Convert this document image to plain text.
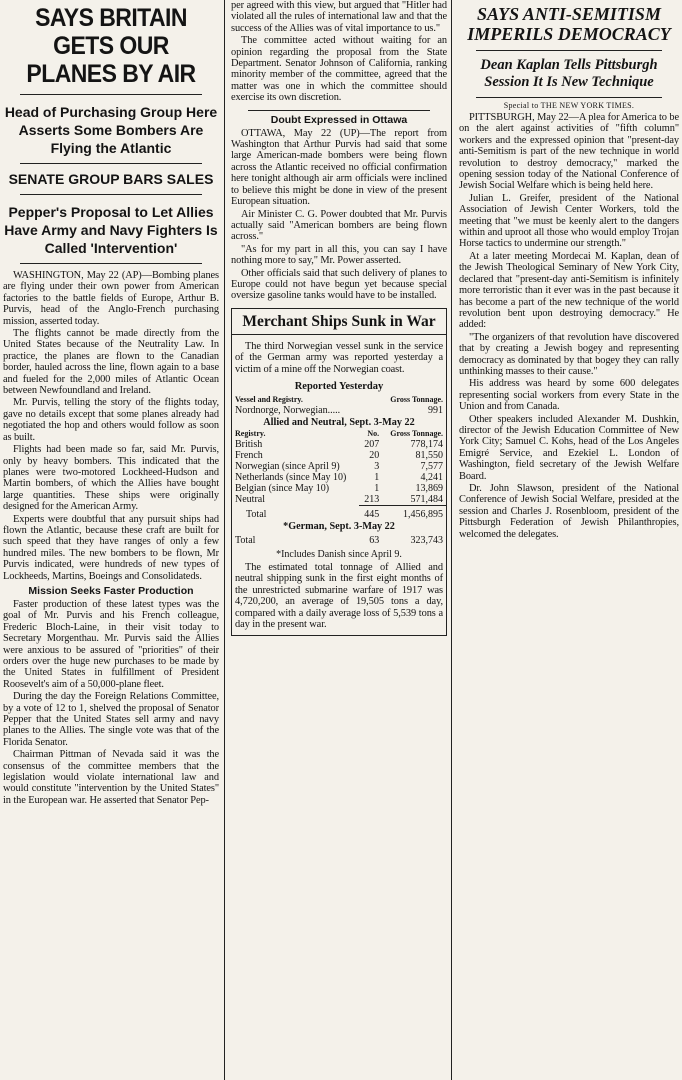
SAYS BRITAIN GETS OUR PLANES BY AIR
Head of Purchasing Group Here Asserts Some Bombers Are Flying the Atlantic
SENATE GROUP BARS SALES
Pepper's Proposal to Let Allies Have Army and Navy Fighters Is Called 'Intervention'

WASHINGTON, May 22 (AP)—Bombing planes are flying under their own power from American factories to the battle fields of Europe, Arthur B. Purvis, head of the Anglo-French purchasing mission, asserted today.

The flights cannot be made directly from the United States because of the Neutrality Law. In practice, the planes are flown to the Canadian border, hauled across the line, flown again to a base and fueled for the 2,000 miles of Atlantic Ocean between Newfoundland and Ireland.

Mr. Purvis, telling the story of the flights today, gave no details except that some planes already had negotiated the hop and others would follow as soon as built.

Flights had been made so far, said Mr. Purvis, only by heavy bombers. This indicated that the planes were two-motored Lockheed-Hudson and Martin bombers, of which the Allies have bought large quantities. These ships were originally designed for the American Army.

Experts were doubtful that any pursuit ships had flown the Atlantic, because these craft are built for such speed that they have ranges of only a few hundred miles. The new bombers to be flown, Mr Purvis indicated, were hundreds of new types of Lockheeds, Martins, Boeings and Consolidateds.

Mission Seeks Faster Production

Faster production of these latest types was the goal of Mr. Purvis and his French colleague, Frederic Bloch-Laine, in their visit today to Secretary Morgenthau. Mr. Purvis said the Allies were anxious to be assured of "priorities" of their orders over the huge new purchases to be made by the United States in fulfillment of President Roosevelt's aim of a 50,000-plane fleet.

During the day the Foreign Relations Committee, by a vote of 12 to 1, shelved the proposal of Senator Pepper that the United States sell army and navy planes to the Allies. The single vote was that of the Florida Senator.

Chairman Pittman of Nevada said it was the consensus of the committee members that the legislation would violate international law and would constitute "intervention by the United States" in the European war. He asserted that Senator Pep-

per agreed with this view, but argued that "Hitler had violated all the rules of international law and that the success of the Allies was of vital importance to us."

The committee acted without waiting for an opinion regarding the proposal from the State Department. Senator Johnson of California, ranking minority member of the committee, agreed that the matter was one in which the committee should exercise its own discretion.

Doubt Expressed in Ottawa

OTTAWA, May 22 (UP)—The report from Washington that Arthur Purvis had said that some large American-made bombers were being flown across the Atlantic received no official confirmation here tonight although air arm officials were inclined to believe this might be done in view of the present European situation.

Air Minister C. G. Power doubted that Mr. Purvis actually said "American bombers are being flown across."

"As for my part in all this, you can say I have nothing more to say," Mr. Power asserted.

Other officials said that such delivery of planes to Europe could not have begun yet because special oversize gasoline tanks would have to be installed.

Merchant Ships Sunk in War

The third Norwegian vessel sunk in the service of the German army was reported yesterday a victim of a mine off the Norwegian coast.

Reported Yesterday
Vessel and Registry.	Gross Tonnage.
Nordnorge, Norwegian.....	991
Allied and Neutral, Sept. 3-May 22		
Registry.	No.	Gross Tonnage.
British	207	778,174
French	20	81,550
Norwegian (since April 9)	3	7,577
Netherlands (since May 10)	1	4,241
Belgian (since May 10)	1	13,869
Neutral	213	571,484
Total	445	1,456,895
*German, Sept. 3-May 22		
Total	63	323,743
*Includes Danish since April 9.

The estimated total tonnage of Allied and neutral shipping sunk in the first eight months of the unrestricted submarine warfare of 1917 was 4,720,200, an average of 19,505 tons a day, compared with a daily average loss of 5,539 tons a day in the present war.

SAYS ANTI-SEMITISM IMPERILS DEMOCRACY
Dean Kaplan Tells Pittsburgh Session It Is New Technique
Special to THE NEW YORK TIMES.

PITTSBURGH, May 22—A plea for America to be on the alert against activities of "fifth column" workers and the expressed opinion that "present-day anti-Semitism is part of the new technique in world revolution to destroy democracy," marked the opening session today of the National Conference of Jewish Social Welfare which is being held here.

Julian L. Greifer, president of the National Association of Jewish Center Workers, told the meeting that "we must be keenly alert to the dangers within and uproot all those who would employ Trojan Horse tactics to undermine our strength."

At a later meeting Mordecai M. Kaplan, dean of the Jewish Theological Seminary of New York City, declared that "present-day anti-Semitism is infinitely more terroristic than it ever was in the past because it has become a part of the new technique of the world revolution bent upon destroying democracy." He added:

"The organizers of that revolution have discovered that by creating a Jewish bogey and representing democracy as dominated by that bogey they can rally unthinking masses to their cause."

His address was heard by some 600 delegates representing social workers from every State in the Union and from Canada.

Other speakers included Alexander M. Dushkin, director of the Jewish Education Committee of New York City; Samuel C. Kohs, head of the Los Angeles Emigré Service, and Ezekiel L. London of Washington, field secretary of the Jewish Welfare Board.

Dr. John Slawson, president of the National Conference of Jewish Social Welfare, presided at the session and Charles J. Rosenbloom, president of the Pittsburgh Federation of Jewish Philanthropies, welcomed the delegates.
